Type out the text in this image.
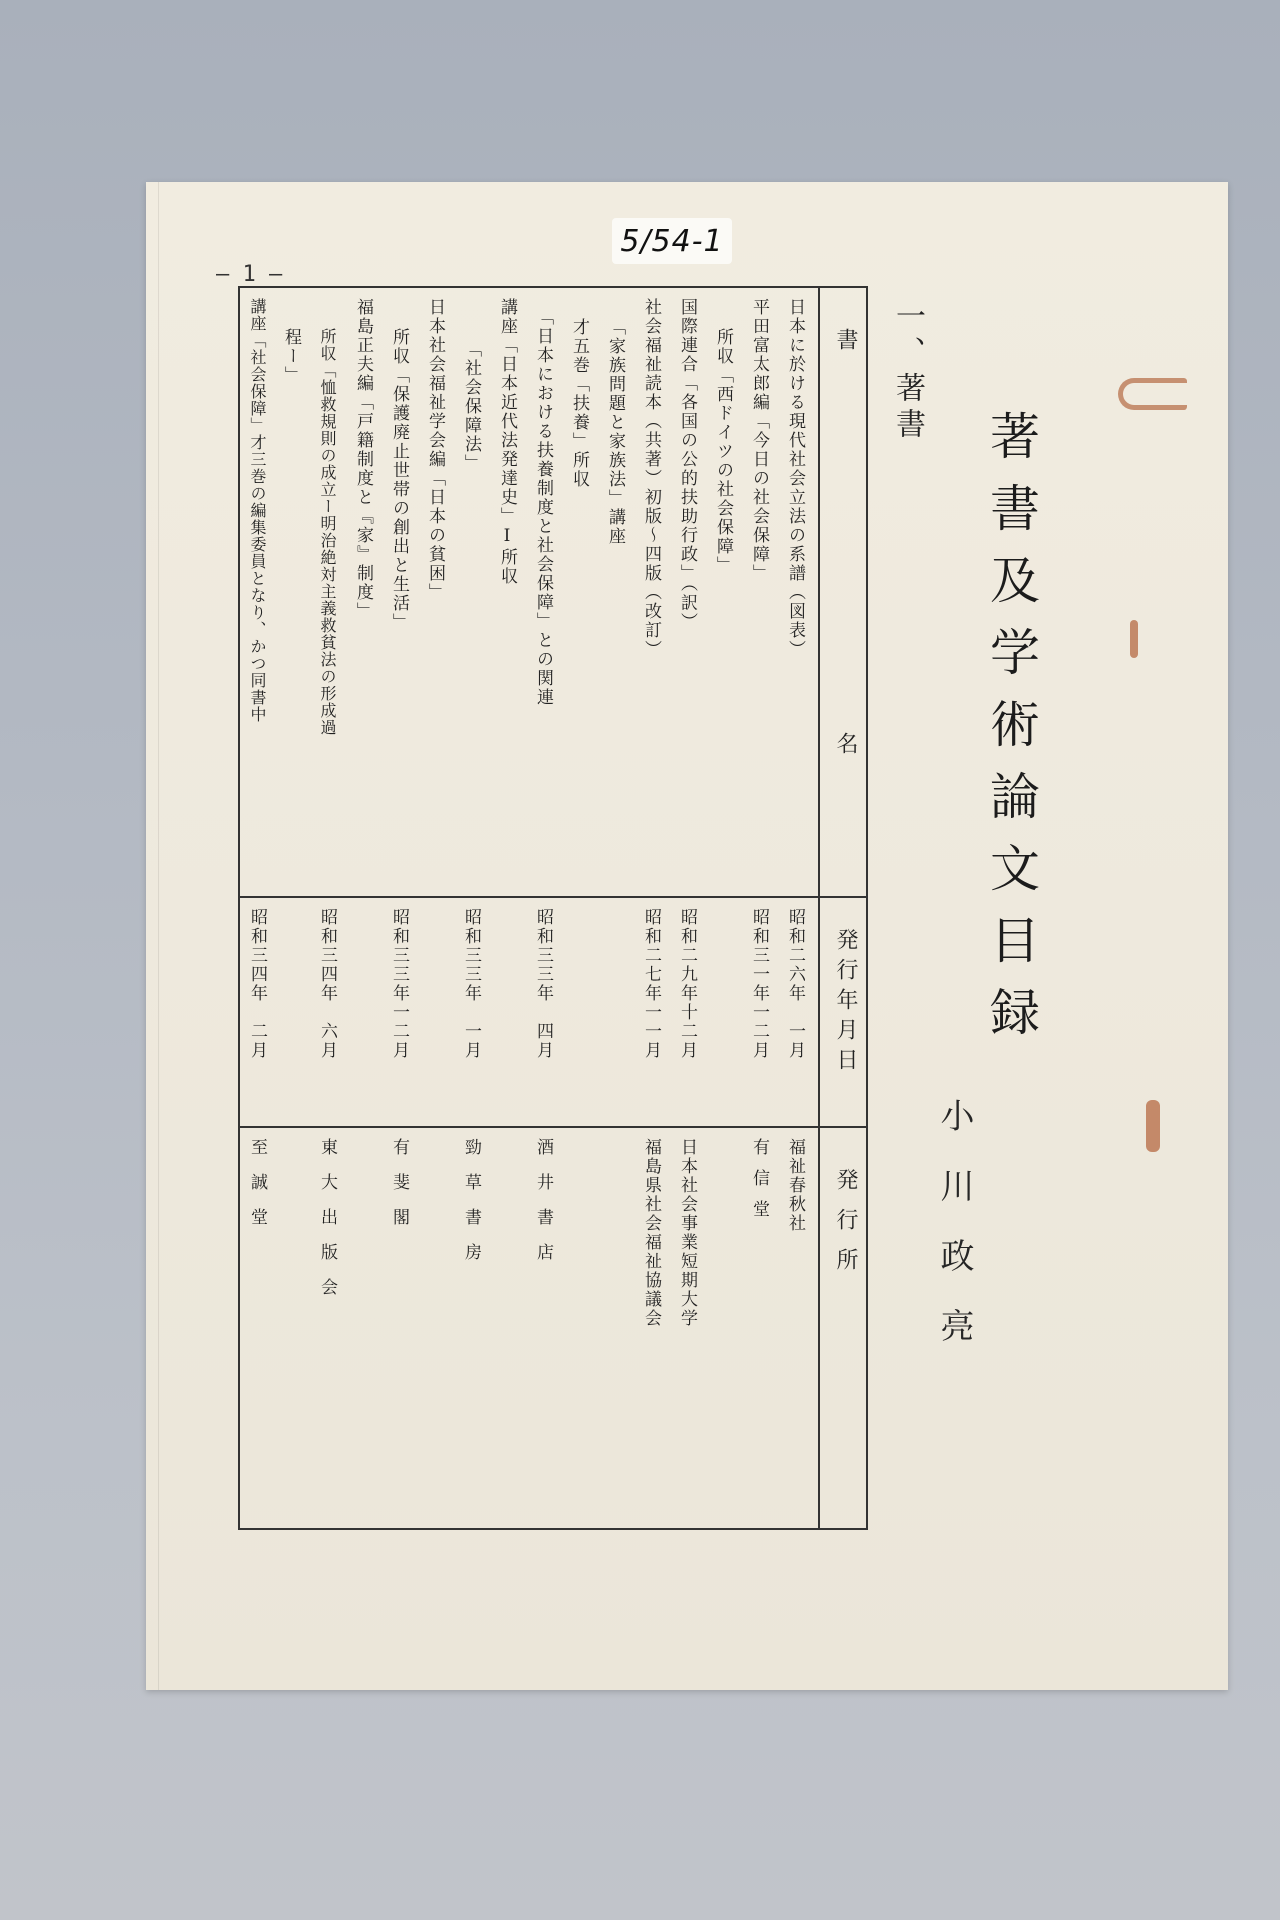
5/54-1
— 1 —
著書及学術論文目録
小川政亮
一、著書
書
名
発行年月日
発行所
日本に於ける現代社会立法の系譜（図表）
平田富太郎編「今日の社会保障」
所収「西ドイツの社会保障」
国際連合「各国の公的扶助行政」（訳）
社会福祉読本（共著）初版～四版（改訂）
「家族問題と家族法」講座
才五巻「扶養」所収
「日本における扶養制度と社会保障」との関連
講座「日本近代法発達史」Ⅰ所収
「社会保障法」
日本社会福祉学会編「日本の貧困」
所収「保護廃止世帯の創出と生活」
福島正夫編「戸籍制度と『家』制度」
所収「恤救規則の成立ー明治絶対主義救貧法の形成過
程ー」
講座「社会保障」才三巻の編集委員となり、かつ同書中
昭和二六年　一月
昭和三一年一二月
昭和二九年十二月
昭和二七年一一月
昭和三三年　四月
昭和三三年　一月
昭和三三年一二月
昭和三四年　六月
昭和三四年　二月
福祉春秋社
有信堂
日本社会事業短期大学
福島県社会福祉協議会
酒井書店
勁草書房
有斐閣
東大出版会
至誠堂
